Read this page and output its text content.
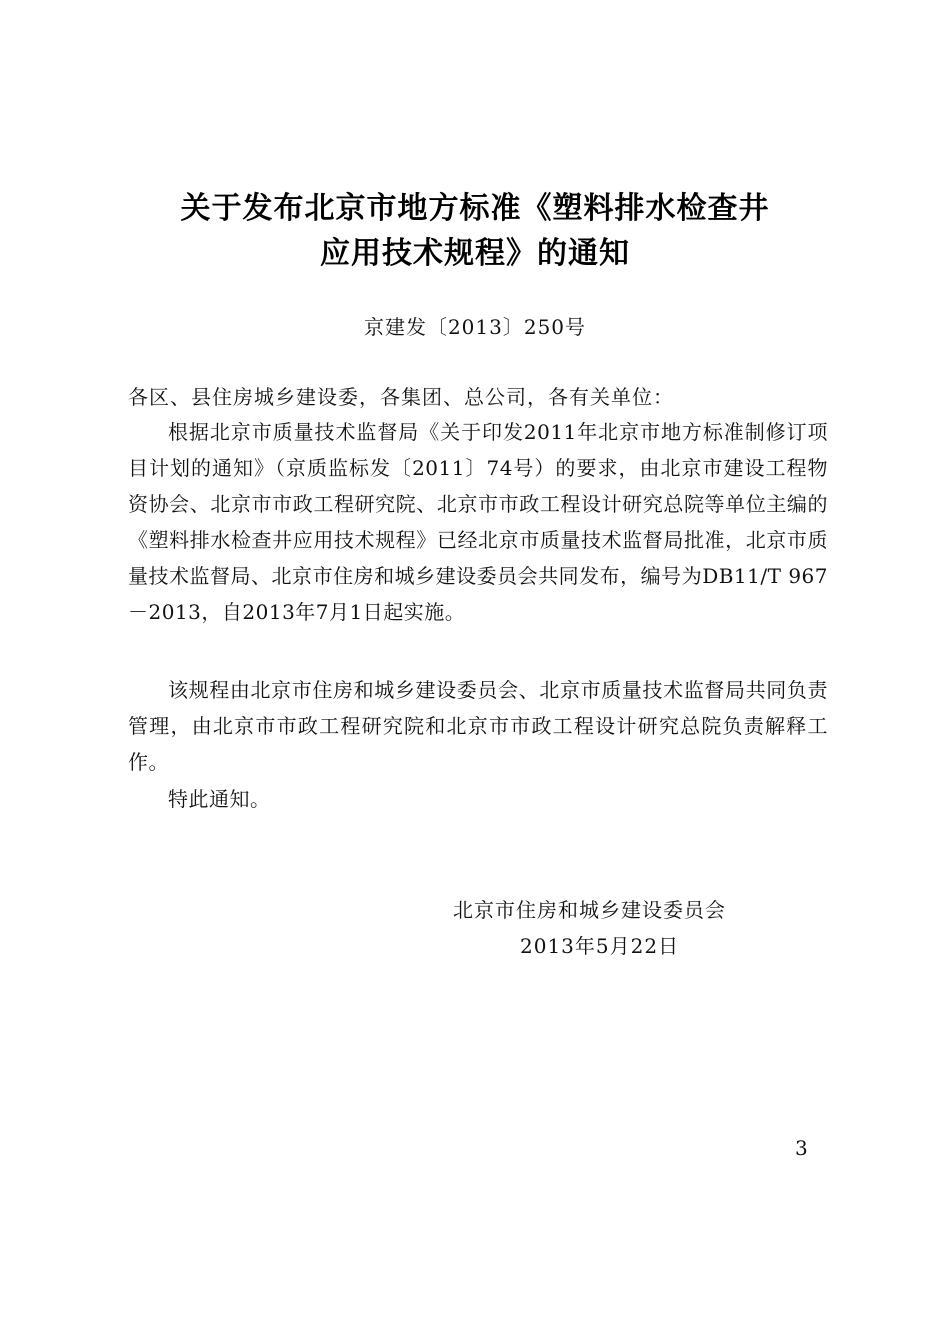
关于发布北京市地方标准《塑料排水检查井
应用技术规程》的通知
京建发〔2013〕250号
各区、县住房城乡建设委，各集团、总公司，各有关单位：
根据北京市质量技术监督局《关于印发2011年北京市地方标准制修订项目计划的通知》（京质监标发〔2011〕74号）的要求，由北京市建设工程物资协会、北京市市政工程研究院、北京市市政工程设计研究总院等单位主编的《塑料排水检查井应用技术规程》已经北京市质量技术监督局批准，北京市质量技术监督局、北京市住房和城乡建设委员会共同发布，编号为DB11/T 967－2013，自2013年7月1日起实施。
该规程由北京市住房和城乡建设委员会、北京市质量技术监督局共同负责管理，由北京市市政工程研究院和北京市市政工程设计研究总院负责解释工作。
特此通知。
北京市住房和城乡建设委员会
2013年5月22日
3
